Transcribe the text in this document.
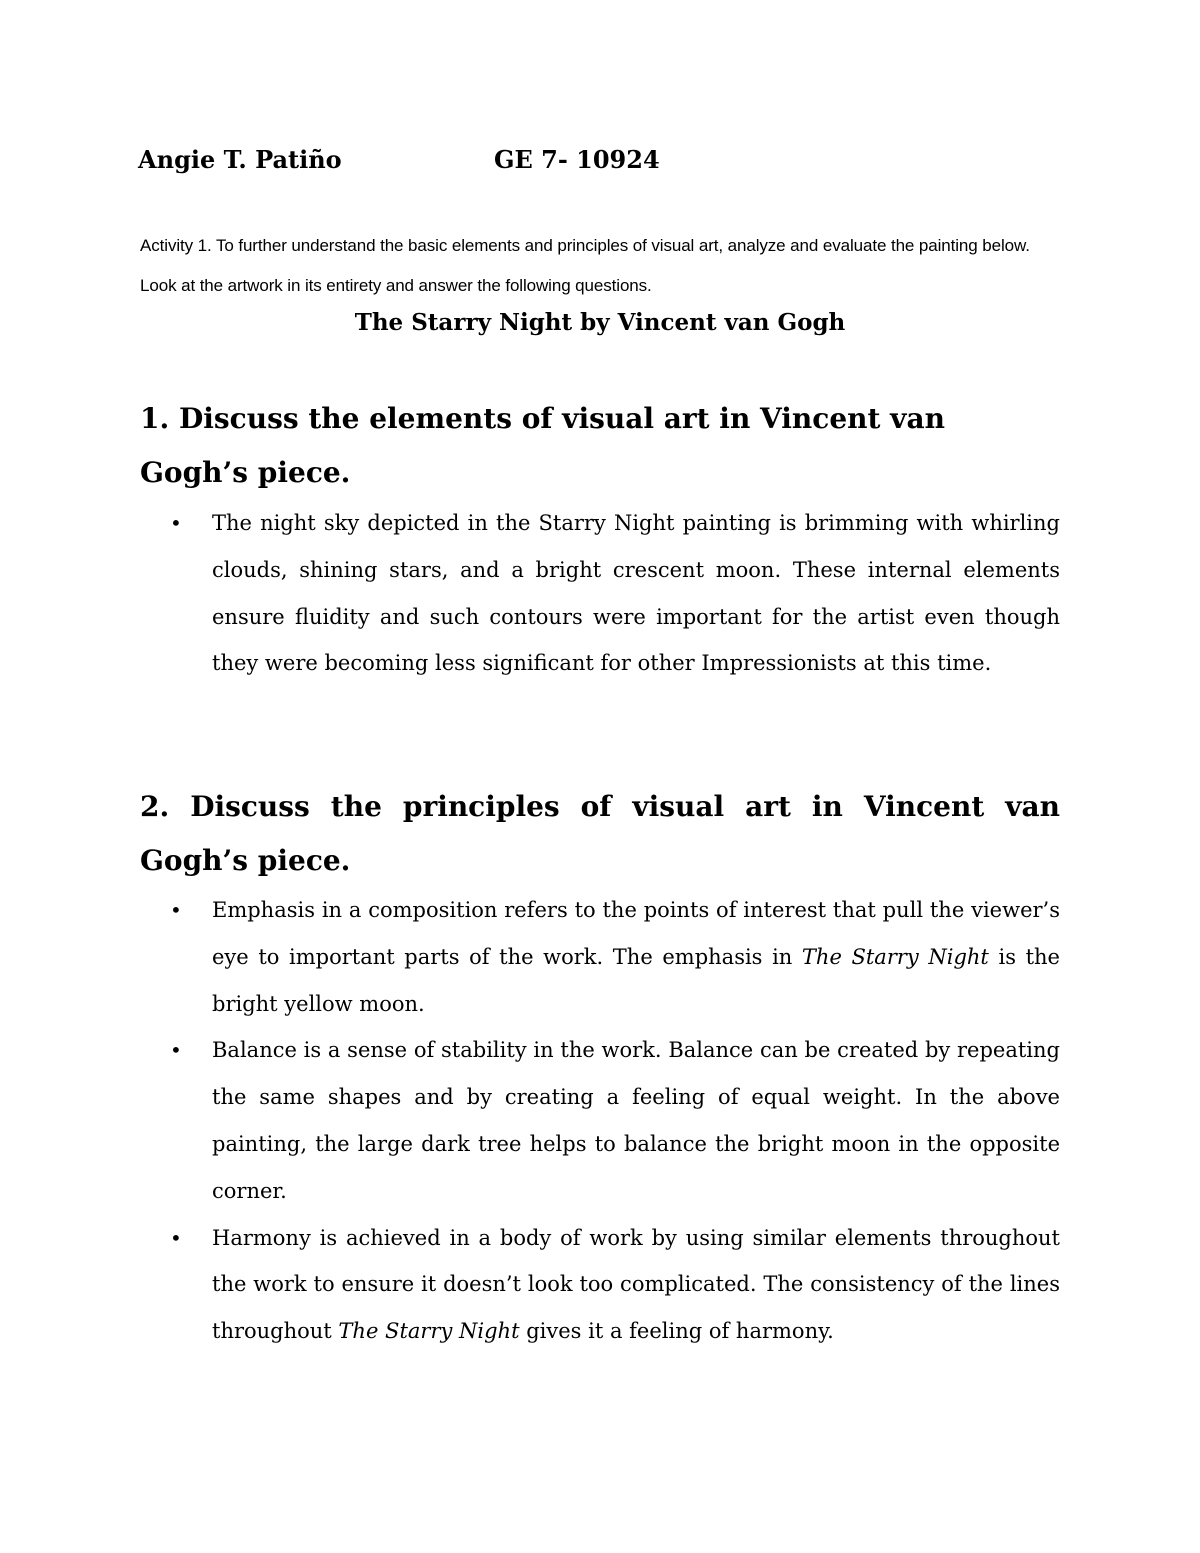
Angie T. Patiño	GE 7- 10924
Activity 1. To further understand the basic elements and principles of visual art, analyze and evaluate the painting below. Look at the artwork in its entirety and answer the following questions.
The Starry Night by Vincent van Gogh
1. Discuss the elements of visual art in Vincent van Gogh’s piece.
• The night sky depicted in the Starry Night painting is brimming with whirling clouds, shining stars, and a bright crescent moon. These internal elements ensure fluidity and such contours were important for the artist even though they were becoming less significant for other Impressionists at this time.
2. Discuss the principles of visual art in Vincent van Gogh’s piece.
• Emphasis in a composition refers to the points of interest that pull the viewer’s eye to important parts of the work. The emphasis in The Starry Night is the bright yellow moon.
• Balance is a sense of stability in the work. Balance can be created by repeating the same shapes and by creating a feeling of equal weight. In the above painting, the large dark tree helps to balance the bright moon in the opposite corner.
• Harmony is achieved in a body of work by using similar elements throughout the work to ensure it doesn’t look too complicated. The consistency of the lines throughout The Starry Night gives it a feeling of harmony.
